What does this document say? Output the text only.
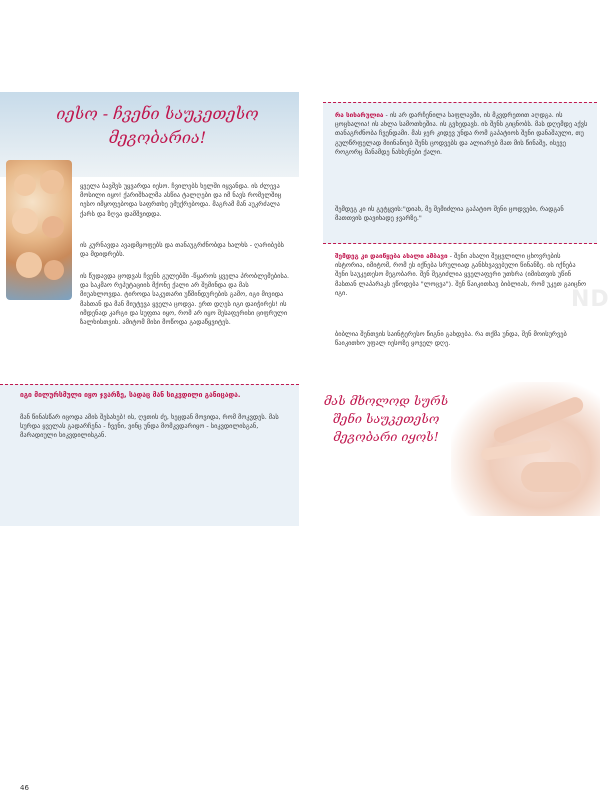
იესო - ჩვენი საუკეთესო მეგობარია!
ყველა ბავშვს უყვარდა იესო. ჩვილებს ხელში იყვანდა. ის ძლევა მოსილი იყო! ქარიშხალმა ასწია ტალღები და იმ ნავს რომელშიც იესო იმყოფებოდა საფრთხე ემუქრებოდა. მაგრამ მან აუკრძალა ქარს და ზღვა დამშვიდდა.
ის კურნავდა ავადმყოფებს და თანაუგრძნობდა ხალხს - ღარიბებს და მდიდრებს.
ის წუდავდა ცოდვას ჩვენს გულებში -წყაროს ყველა პრობლემებისა. და საკმაო რეპუტაციის მქონე ქალი არ შემინდა და მას მიუახლოვდა. ტიროდა საკუთარი უწმინდურების გამო, იგი მივიდა მასთან და მან მიუტევა ყველა ცოდვა. ერთ დღეს იგი დაიჭირეს! ის იმდენად კარგი და სუფთა იყო, რომ არ იყო შესაფერისი ციფრული ზალხისთვის. ამიტომ მისი მოწოდა გადაწყვიტეს.
იგი მილურსმული იყო ჯვარზე, სადაც მან სიკვდილი განიცადა.
მან წინასწარ იცოდა ამის შესახებ! ის, ღვთის ძე, ხეცდან მოვიდა, რომ მოკვდეს. მას სურდა ყველას გადარჩენა - ჩვენი, ვინც უნდა მომკვდარიყო - სიკვდილისგან, მარადიული სიკვდილისგან.
46
ND
რა სიხარულია - ის არ დარჩენილა საფლავში, ის მკვდრეთით აღდგა. ის ცოცხალია! ის ახლა სამოთხეშია. ის გვხედავს. ის შენს გიცნობს. მას დღემდე აქვს თანაგრძნობა ჩვენდამი. მას ჯერ კიდევ უნდა რომ გაპატიოს შენი დანაშაული, თუ გულწრფელად მიინანიებ შენს ცოდვებს და ალიარებ მათ მის წინაშე, ისევე როგორც მანამდე ნახსენები ქალი.
შემდეგ კი ის გეტყვის:"დიახ, მე შემიძლია გაპატიო შენი ცოდვები, რადგან მათთვის დავიხადე ჯვარზე."
შემდეგ კი დაიწყება ახალი ამბავი - შენი ახალი შეცვლილი ცხოვრების ისტორია, იმიტომ, რომ ეს იქნება სრულიად განსხვავებული წინანზე. ის იქნება შენი საუკეთესო მეგობარი. შენ შეგიძლია ყველაფერი უთხრა (იმისთვის უწინ მასთან ლაპარაკს ეწოდება "ლოცვა"). შენ წაიკითხავ ბიბლიას, რომ უკეთ გაიცნო იგი.
ბიბლია შენთვის საინტერესო წიგნი გახდება. რა თქმა უნდა, შენ მოისურვებ წაიკითხო უფალ იესოზე ყოველ დღე.
მას მხოლოდ სურს შენი საუკეთესო მეგობარი იყოს!
